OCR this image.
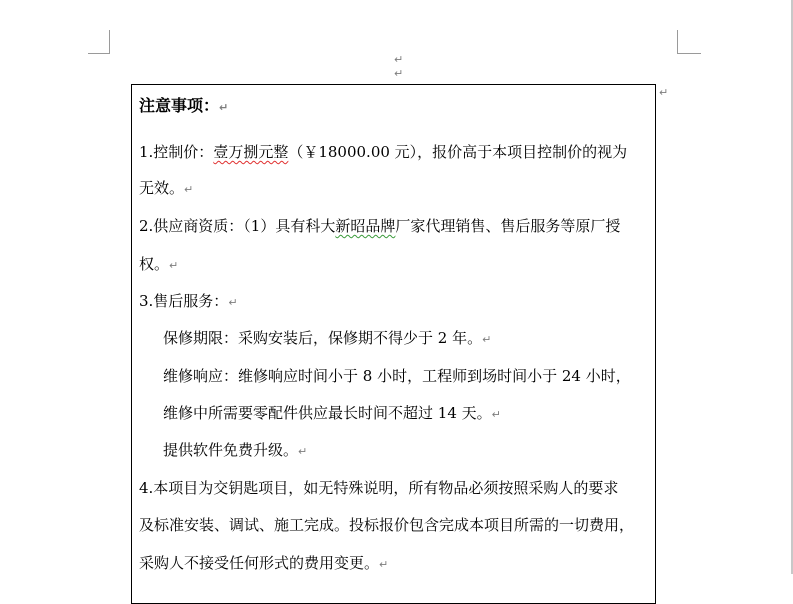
↵
↵
↵
注意事项：↵
1.控制价：壹万捌元整（￥18000.00 元），报价高于本项目控制价的视为
无效。↵
2.供应商资质：（1）具有科大新昭品牌厂家代理销售、售后服务等原厂授
权。↵
3.售后服务：↵
保修期限：采购安装后，保修期不得少于 2 年。↵
维修响应：维修响应时间小于 8 小时，工程师到场时间小于 24 小时，
维修中所需要零配件供应最长时间不超过 14 天。↵
提供软件免费升级。↵
4.本项目为交钥匙项目，如无特殊说明，所有物品必须按照采购人的要求
及标准安装、调试、施工完成。投标报价包含完成本项目所需的一切费用，
采购人不接受任何形式的费用变更。↵
